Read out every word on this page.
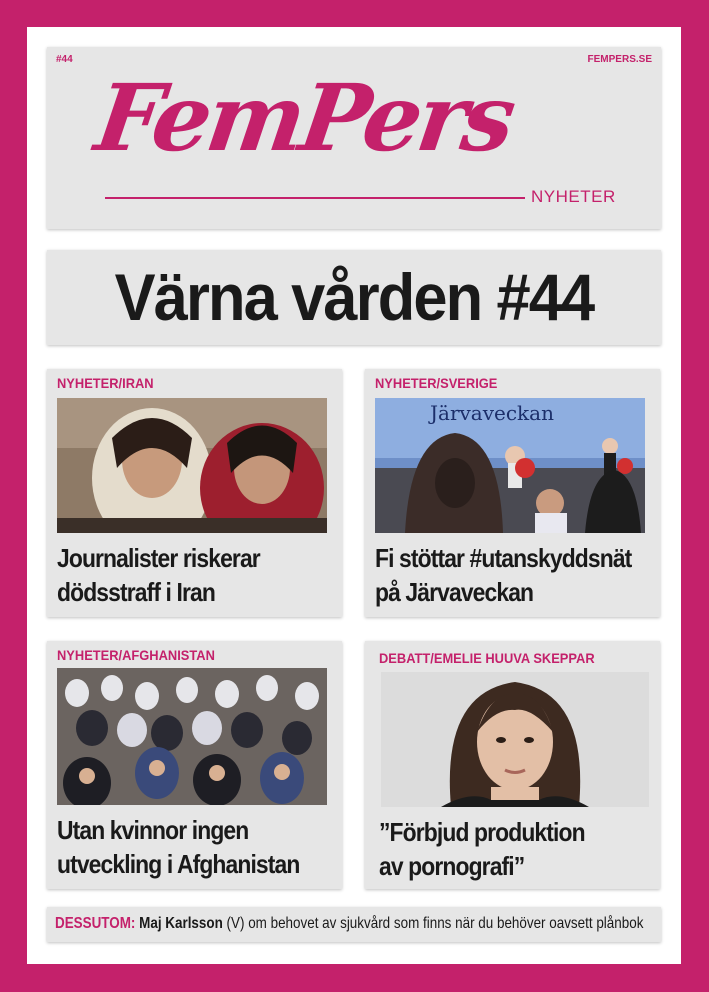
#44	FEMPERS.SE
FemPers
NYHETER
Värna vården #44
NYHETER/IRAN
Journalister riskerar
dödsstraff i Iran
NYHETER/SVERIGE
Järvaveckan
Fi stöttar #utanskyddsnät
på Järvaveckan
NYHETER/AFGHANISTAN
Utan kvinnor ingen
utveckling i Afghanistan
DEBATT/EMELIE HUUVA SKEPPAR
”Förbjud produktion
av pornografi”
DESSUTOM: Maj Karlsson (V) om behovet av sjukvård som finns när du behöver oavsett plånbok
